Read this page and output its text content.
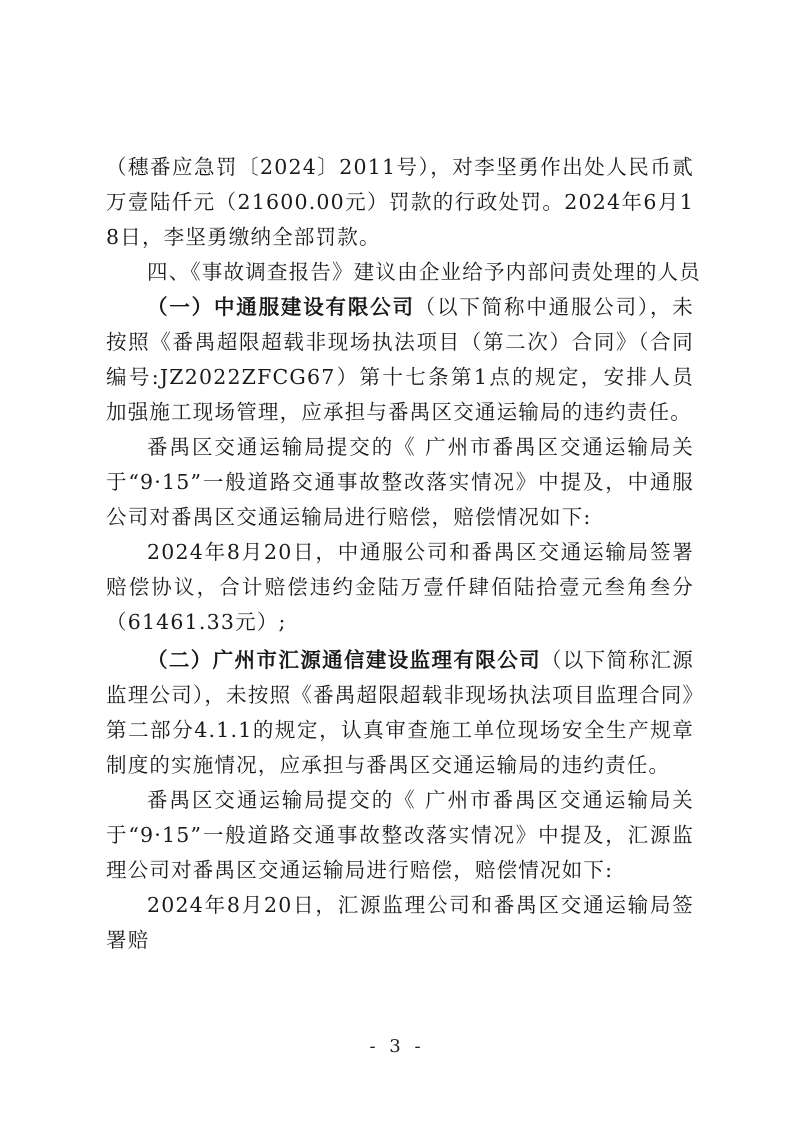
（穗番应急罚〔2024〕2011号），对李坚勇作出处人民币贰万壹陆仟元（21600.00元）罚款的行政处罚。2024年6月18日，李坚勇缴纳全部罚款。

四、《事故调查报告》建议由企业给予内部问责处理的人员

（一）中通服建设有限公司（以下简称中通服公司），未按照《番禺超限超载非现场执法项目（第二次）合同》（合同编号:JZ2022ZFCG67）第十七条第1点的规定，安排人员加强施工现场管理，应承担与番禺区交通运输局的违约责任。

番禺区交通运输局提交的《 广州市番禺区交通运输局关于“9·15”一般道路交通事故整改落实情况》中提及，中通服公司对番禺区交通运输局进行赔偿，赔偿情况如下:

2024年8月20日，中通服公司和番禺区交通运输局签署赔偿协议，合计赔偿违约金陆万壹仟肆佰陆拾壹元叁角叁分（61461.33元）;

（二）广州市汇源通信建设监理有限公司（以下简称汇源监理公司），未按照《番禺超限超载非现场执法项目监理合同》第二部分4.1.1的规定，认真审查施工单位现场安全生产规章制度的实施情况，应承担与番禺区交通运输局的违约责任。

番禺区交通运输局提交的《 广州市番禺区交通运输局关于“9·15”一般道路交通事故整改落实情况》中提及，汇源监理公司对番禺区交通运输局进行赔偿，赔偿情况如下:

2024年8月20日，汇源监理公司和番禺区交通运输局签署赔

- 3 -
